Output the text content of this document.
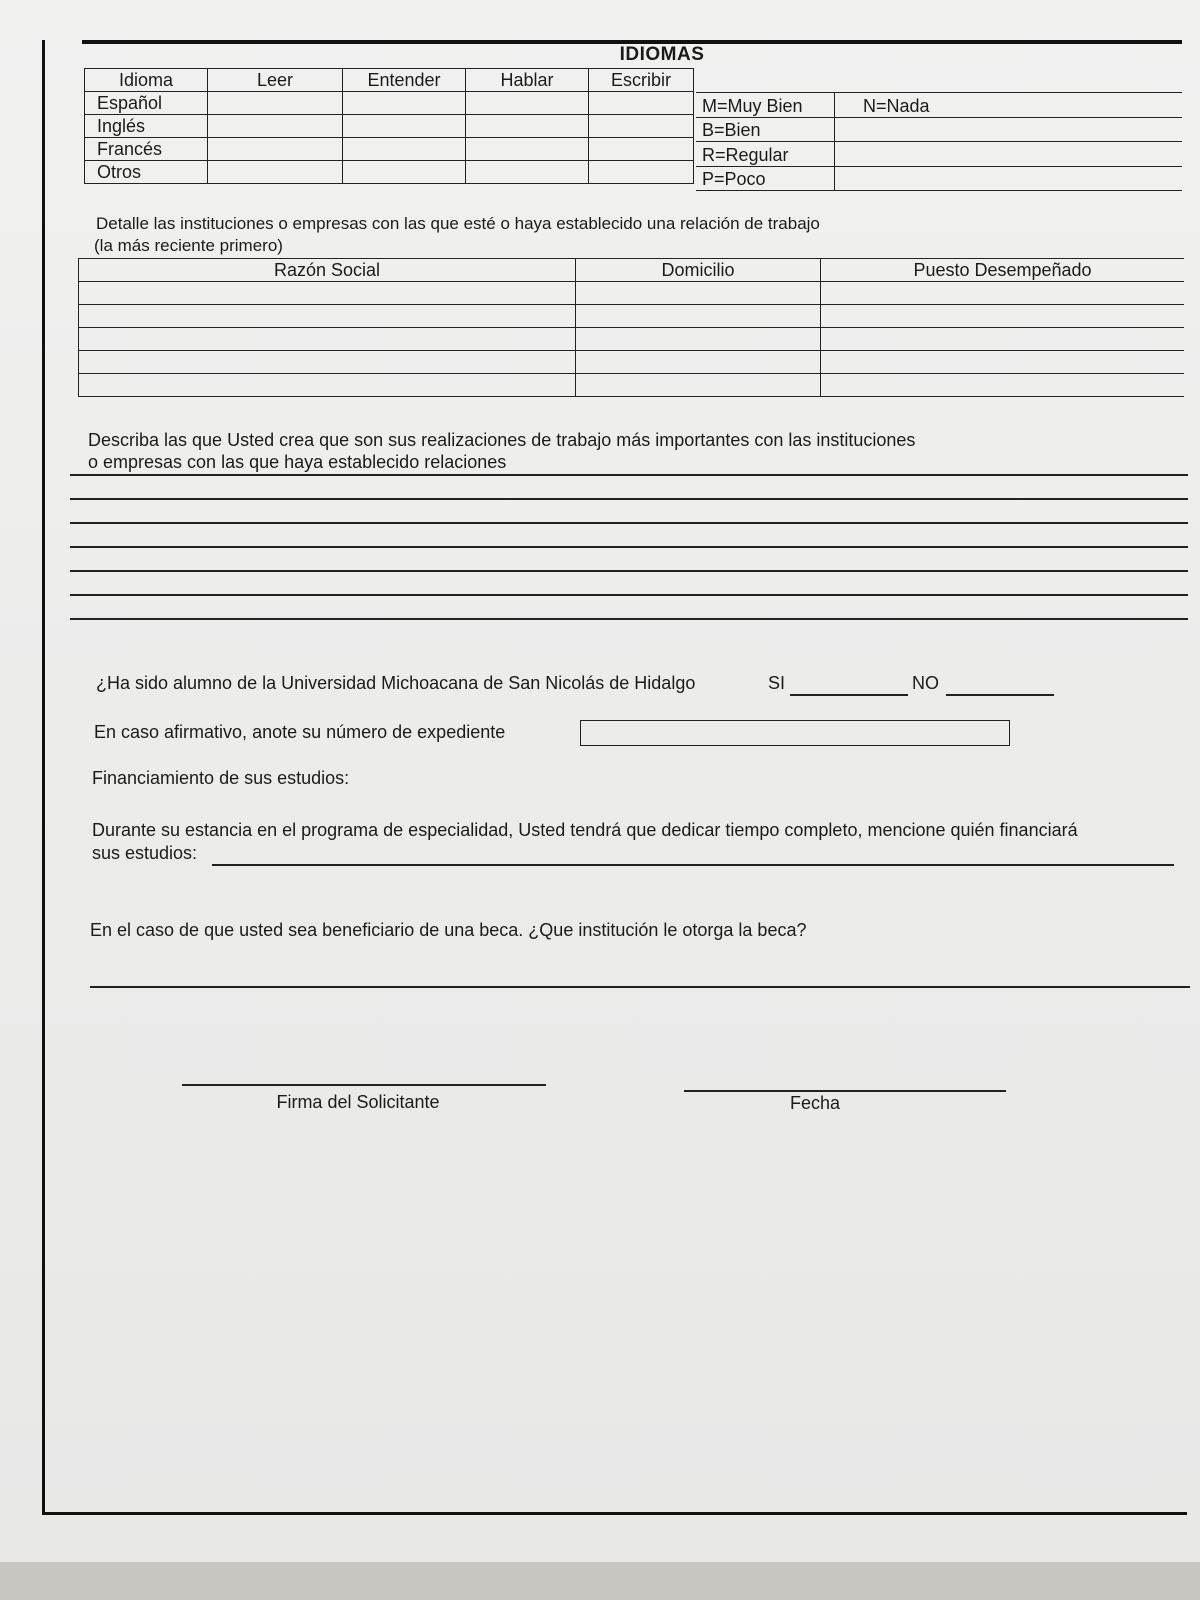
IDIOMAS
Idioma	Leer	Entender	Hablar	Escribir
Español				
Inglés				
Francés				
Otros				
M=Muy Bien	N=Nada
B=Bien
R=Regular
P=Poco
Detalle las instituciones o empresas con las que esté o haya establecido una relación de trabajo
(la más reciente primero)
Razón Social	Domicilio	Puesto Desempeñado

Describa las que Usted crea que son sus realizaciones de trabajo más importantes con las instituciones
o empresas con las que haya establecido relaciones
¿Ha sido alumno de la Universidad Michoacana de San Nicolás de Hidalgo	SI	NO
En caso afirmativo, anote su número de expediente
Financiamiento de sus estudios:
Durante su estancia en el programa de especialidad, Usted tendrá que dedicar tiempo completo, mencione quién financiará
sus estudios:
En el caso de que usted sea beneficiario de una beca. ¿Que institución le otorga la beca?
Firma del Solicitante	Fecha
